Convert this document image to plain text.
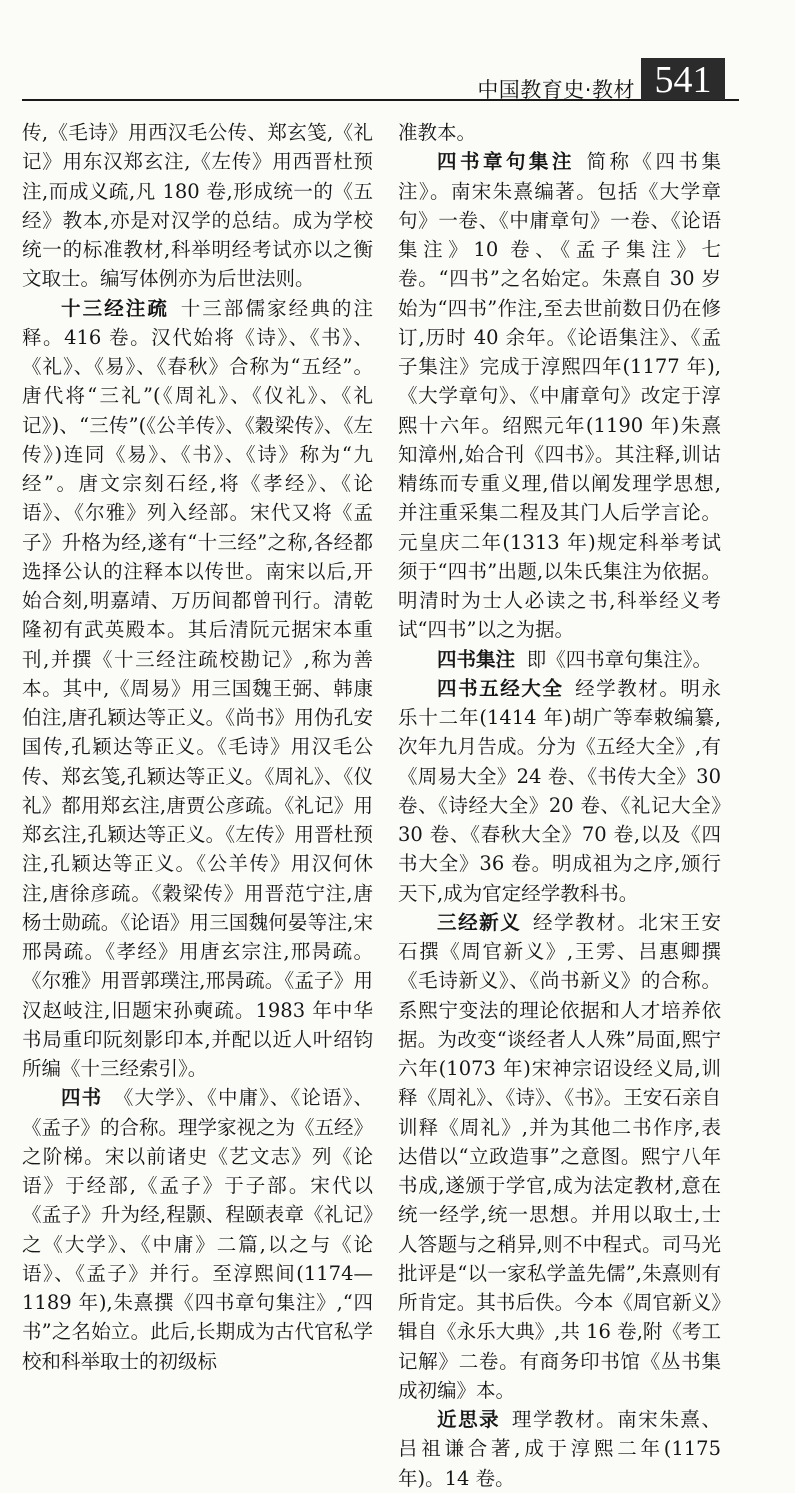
中国教育史·教材 541

传,《毛诗》用西汉毛公传、郑玄笺,《礼记》用东汉郑玄注,《左传》用西晋杜预注,而成义疏,凡 180 卷,形成统一的《五经》教本,亦是对汉学的总结。成为学校统一的标准教材,科举明经考试亦以之衡文取士。编写体例亦为后世法则。

十三经注疏 十三部儒家经典的注释。416 卷。汉代始将《诗》、《书》、《礼》、《易》、《春秋》合称为“五经”。唐代将“三礼”(《周礼》、《仪礼》、《礼记》)、“三传”(《公羊传》、《穀梁传》、《左传》)连同《易》、《书》、《诗》称为“九经”。唐文宗刻石经,将《孝经》、《论语》、《尔雅》列入经部。宋代又将《孟子》升格为经,遂有“十三经”之称,各经都选择公认的注释本以传世。南宋以后,开始合刻,明嘉靖、万历间都曾刊行。清乾隆初有武英殿本。其后清阮元据宋本重刊,并撰《十三经注疏校勘记》,称为善本。其中,《周易》用三国魏王弼、韩康伯注,唐孔颖达等正义。《尚书》用伪孔安国传,孔颖达等正义。《毛诗》用汉毛公传、郑玄笺,孔颖达等正义。《周礼》、《仪礼》都用郑玄注,唐贾公彦疏。《礼记》用郑玄注,孔颖达等正义。《左传》用晋杜预注,孔颖达等正义。《公羊传》用汉何休注,唐徐彦疏。《穀梁传》用晋范宁注,唐杨士勋疏。《论语》用三国魏何晏等注,宋邢昺疏。《孝经》用唐玄宗注,邢昺疏。《尔雅》用晋郭璞注,邢昺疏。《孟子》用汉赵岐注,旧题宋孙奭疏。1983 年中华书局重印阮刻影印本,并配以近人叶绍钧所编《十三经索引》。

四书 《大学》、《中庸》、《论语》、《孟子》的合称。理学家视之为《五经》之阶梯。宋以前诸史《艺文志》列《论语》于经部,《孟子》于子部。宋代以《孟子》升为经,程颢、程颐表章《礼记》之《大学》、《中庸》二篇,以之与《论语》、《孟子》并行。至淳熙间(1174—1189 年),朱熹撰《四书章句集注》,“四书”之名始立。此后,长期成为古代官私学校和科举取士的初级标

准教本。

四书章句集注 简称《四书集注》。南宋朱熹编著。包括《大学章句》一卷、《中庸章句》一卷、《论语集注》10 卷、《孟子集注》七卷。“四书”之名始定。朱熹自 30 岁始为“四书”作注,至去世前数日仍在修订,历时 40 余年。《论语集注》、《孟子集注》完成于淳熙四年(1177 年),《大学章句》、《中庸章句》改定于淳熙十六年。绍熙元年(1190 年)朱熹知漳州,始合刊《四书》。其注释,训诂精练而专重义理,借以阐发理学思想,并注重采集二程及其门人后学言论。元皇庆二年(1313 年)规定科举考试须于“四书”出题,以朱氏集注为依据。明清时为士人必读之书,科举经义考试“四书”以之为据。

四书集注 即《四书章句集注》。

四书五经大全 经学教材。明永乐十二年(1414 年)胡广等奉敕编纂,次年九月告成。分为《五经大全》,有《周易大全》24 卷、《书传大全》30 卷、《诗经大全》20 卷、《礼记大全》30 卷、《春秋大全》70 卷,以及《四书大全》36 卷。明成祖为之序,颁行天下,成为官定经学教科书。

三经新义 经学教材。北宋王安石撰《周官新义》,王雱、吕惠卿撰《毛诗新义》、《尚书新义》的合称。系熙宁变法的理论依据和人才培养依据。为改变“谈经者人人殊”局面,熙宁六年(1073 年)宋神宗诏设经义局,训释《周礼》、《诗》、《书》。王安石亲自训释《周礼》,并为其他二书作序,表达借以“立政造事”之意图。熙宁八年书成,遂颁于学官,成为法定教材,意在统一经学,统一思想。并用以取士,士人答题与之稍异,则不中程式。司马光批评是“以一家私学盖先儒”,朱熹则有所肯定。其书后佚。今本《周官新义》辑自《永乐大典》,共 16 卷,附《考工记解》二卷。有商务印书馆《丛书集成初编》本。

近思录 理学教材。南宋朱熹、吕祖谦合著,成于淳熙二年(1175 年)。14 卷。
